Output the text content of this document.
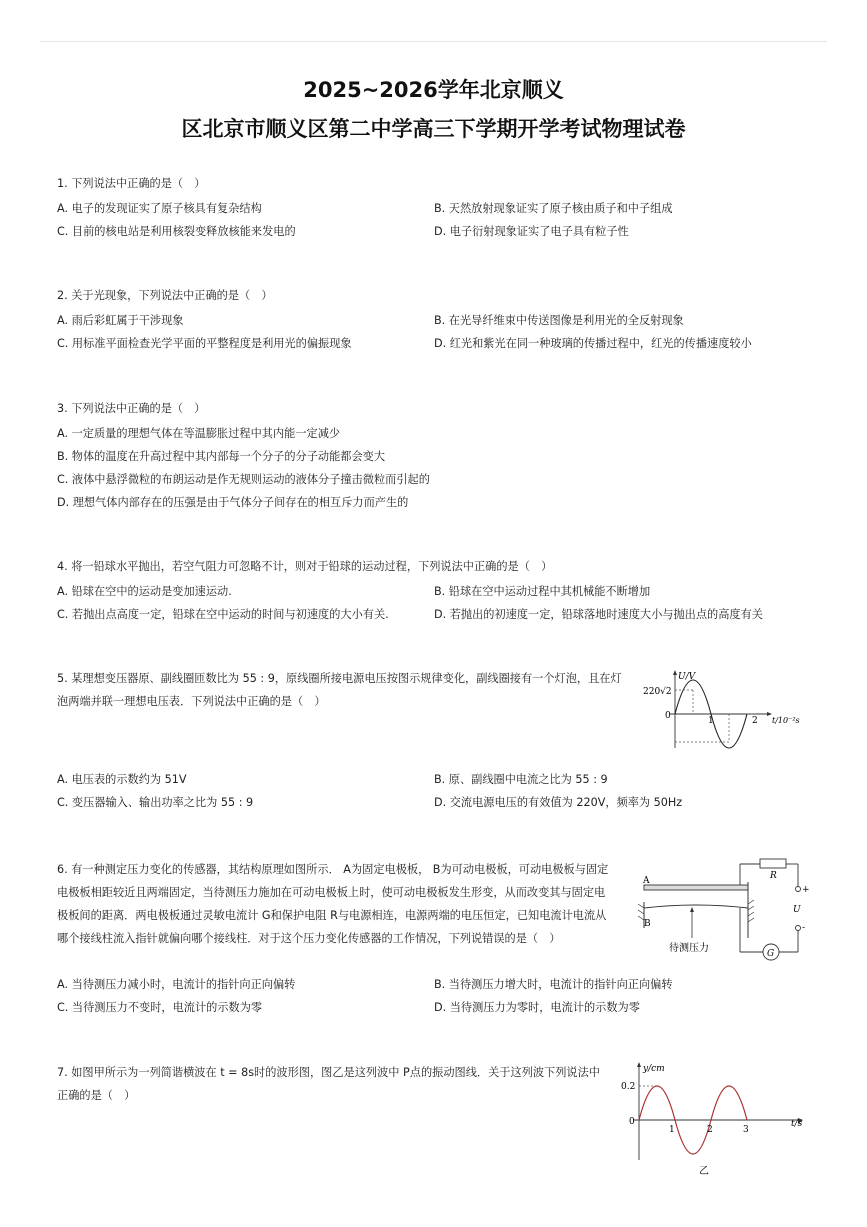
2025~2026学年北京顺义
区北京市顺义区第二中学高三下学期开学考试物理试卷
1. 下列说法中正确的是（　）
A. 电子的发现证实了原子核具有复杂结构	B. 天然放射现象证实了原子核由质子和中子组成
C. 目前的核电站是利用核裂变释放核能来发电的	D. 电子衍射现象证实了电子具有粒子性
2. 关于光现象，下列说法中正确的是（　）
A. 雨后彩虹属于干涉现象	B. 在光导纤维束中传送图像是利用光的全反射现象
C. 用标准平面检查光学平面的平整程度是利用光的偏振现象	D. 红光和紫光在同一种玻璃的传播过程中，红光的传播速度较小
3. 下列说法中正确的是（　）
A. 一定质量的理想气体在等温膨胀过程中其内能一定减少
B. 物体的温度在升高过程中其内部每一个分子的分子动能都会变大
C. 液体中悬浮微粒的布朗运动是作无规则运动的液体分子撞击微粒而引起的
D. 理想气体内部存在的压强是由于气体分子间存在的相互斥力而产生的
4. 将一铅球水平抛出，若空气阻力可忽略不计，则对于铅球的运动过程，下列说法中正确的是（　）
A. 铅球在空中的运动是变加速运动.	B. 铅球在空中运动过程中其机械能不断增加
C. 若抛出点高度一定，铅球在空中运动的时间与初速度的大小有关.	D. 若抛出的初速度一定，铅球落地时速度大小与抛出点的高度有关
5. 某理想变压器原、副线圈匝数比为 55 : 9，原线圈所接电源电压按图示规律变化，副线圈接有一个灯泡，且在灯
泡两端并联一理想电压表．下列说法中正确的是（　）
U/V
220√2
0	1	2 t/10⁻²s
A. 电压表的示数约为 51V	B. 原、副线圈中电流之比为 55 : 9
C. 变压器输入、输出功率之比为 55 : 9	D. 交流电源电压的有效值为 220V，频率为 50Hz
6. 有一种测定压力变化的传感器，其结构原理如图所示． A为固定电极板， B为可动电极板，可动电极板与固定
电极板相距较近且两端固定，当待测压力施加在可动电极板上时，使可动电极板发生形变，从而改变其与固定电
极板间的距离．两电极板通过灵敏电流计 G和保护电阻 R与电源相连，电源两端的电压恒定，已知电流计电流从
哪个接线柱流入指针就偏向哪个接线柱．对于这个压力变化传感器的工作情况，下列说错误的是（　）
A
B
R
G
+
-
U
待测压力
A. 当待测压力减小时，电流计的指针向正向偏转	B. 当待测压力增大时，电流计的指针向正向偏转
C. 当待测压力不变时，电流计的示数为零	D. 当待测压力为零时，电流计的示数为零
7. 如图甲所示为一列简谐横波在 t = 8s时的波形图，图乙是这列波中 P点的振动图线．关于这列波下列说法中
正确的是（　）
y/cm
0.2
0
1	2	3
t/s
乙
